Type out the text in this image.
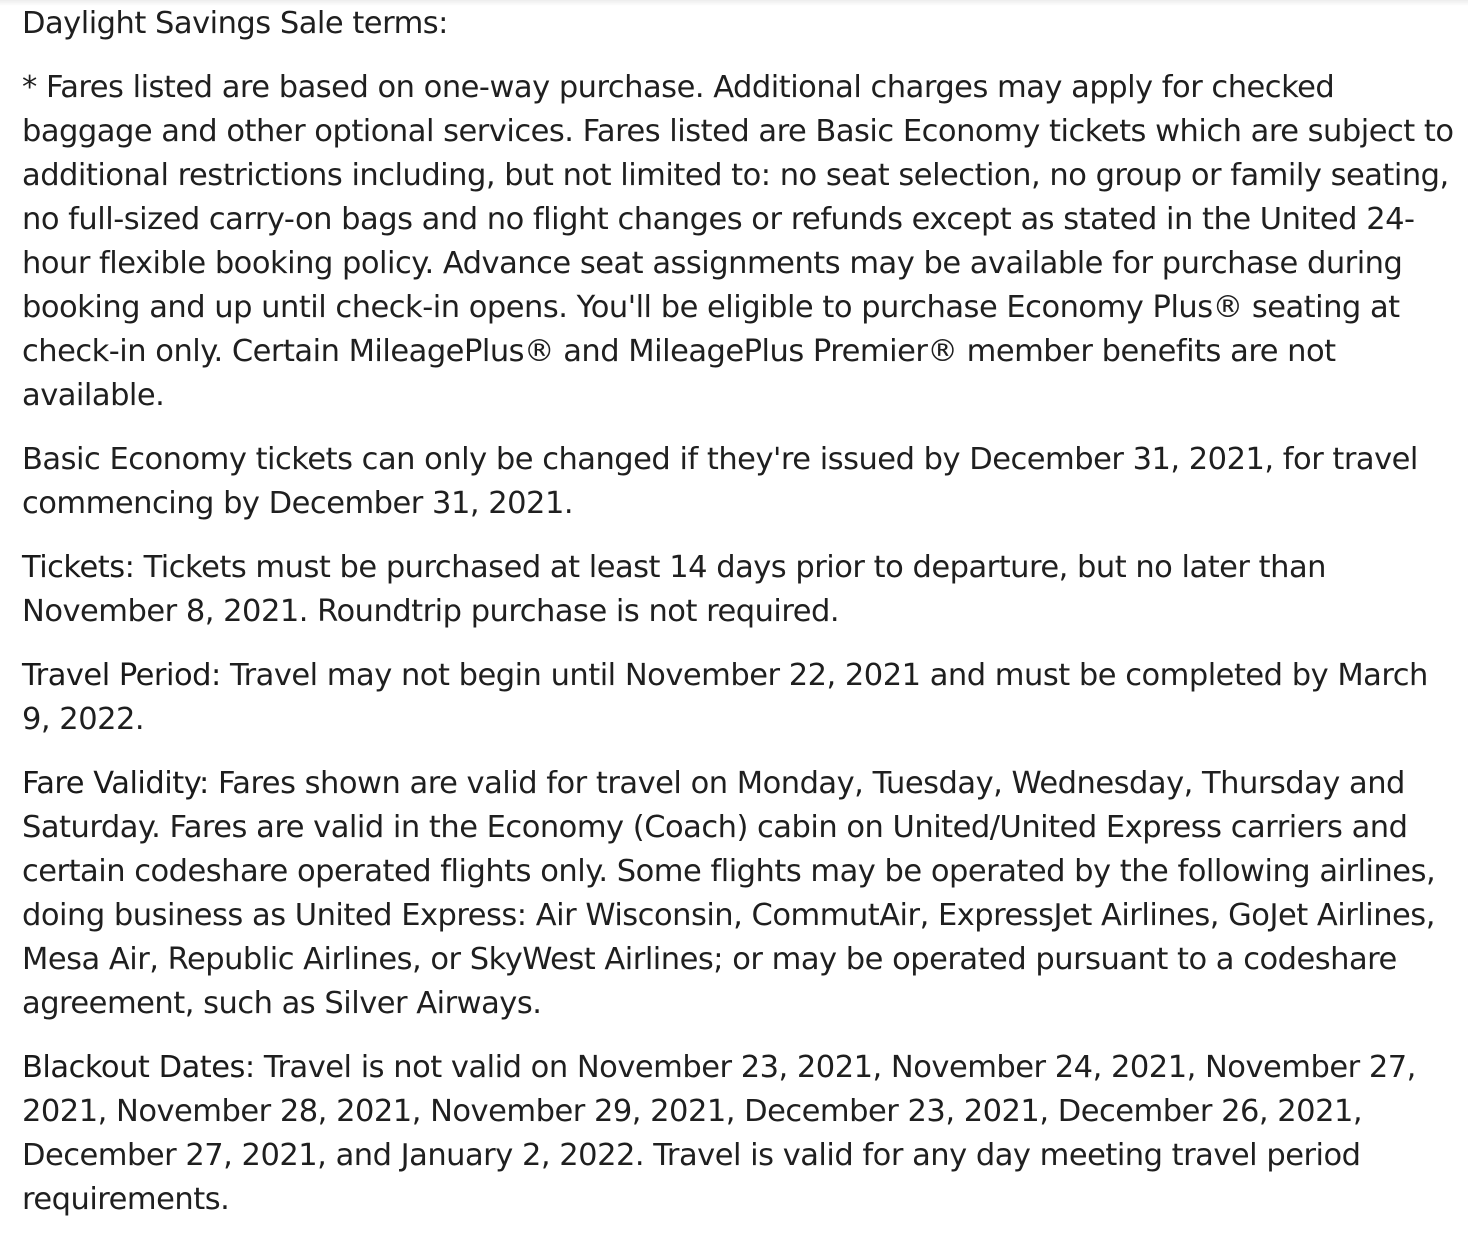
Daylight Savings Sale terms:

* Fares listed are based on one-way purchase. Additional charges may apply for checked baggage and other optional services. Fares listed are Basic Economy tickets which are subject to additional restrictions including, but not limited to: no seat selection, no group or family seating, no full-sized carry-on bags and no flight changes or refunds except as stated in the United 24-hour flexible booking policy. Advance seat assignments may be available for purchase during booking and up until check-in opens. You'll be eligible to purchase Economy Plus® seating at check-in only. Certain MileagePlus® and MileagePlus Premier® member benefits are not available.

Basic Economy tickets can only be changed if they're issued by December 31, 2021, for travel commencing by December 31, 2021.

Tickets: Tickets must be purchased at least 14 days prior to departure, but no later than November 8, 2021. Roundtrip purchase is not required.

Travel Period: Travel may not begin until November 22, 2021 and must be completed by March 9, 2022.

Fare Validity: Fares shown are valid for travel on Monday, Tuesday, Wednesday, Thursday and Saturday. Fares are valid in the Economy (Coach) cabin on United/United Express carriers and certain codeshare operated flights only. Some flights may be operated by the following airlines, doing business as United Express: Air Wisconsin, CommutAir, ExpressJet Airlines, GoJet Airlines, Mesa Air, Republic Airlines, or SkyWest Airlines; or may be operated pursuant to a codeshare agreement, such as Silver Airways.

Blackout Dates: Travel is not valid on November 23, 2021, November 24, 2021, November 27, 2021, November 28, 2021, November 29, 2021, December 23, 2021, December 26, 2021, December 27, 2021, and January 2, 2022. Travel is valid for any day meeting travel period requirements.
